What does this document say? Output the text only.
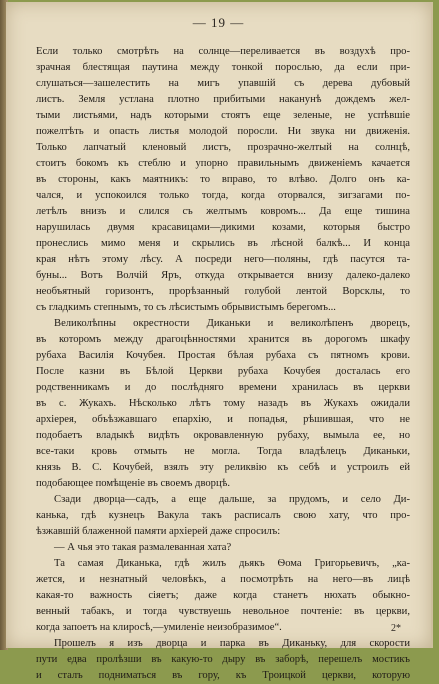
— 19 —
Если только смотрѣть на солнце—переливается въ воздухѣ про-
зрачная блестящая паутина между тонкой порослью, да если при-
слушаться—зашелестить на мигъ упавшій съ дерева дубовый
листъ. Земля устлана плотно прибитыми наканунѣ дождемъ жел-
тыми листьями, надъ которыми стоятъ еще зеленые, не успѣвшіе
пожелтѣть и опасть листья молодой поросли. Ни звука ни движенія.
Только лапчатый кленовый листъ, прозрачно-желтый на солнцѣ,
стоитъ бокомъ къ стеблю и упорно правильнымъ движеніемъ качается
въ стороны, какъ маятникъ: то вправо, то влѣво. Долго онъ ка-
чался, и успокоился только тогда, когда оторвался, зигзагами по-
летѣлъ внизъ и слился съ желтымъ ковромъ... Да еще тишина
нарушилась двумя красавицами—дикими козами, которыя быстро
пронеслись мимо меня и скрылись въ лѣсной балкѣ... И конца
края нѣтъ этому лѣсу. А посреди него—поляны, гдѣ пасутся та-
буны... Вотъ Волчій Яръ, откуда открывается внизу далеко-далеко
необъятный горизонтъ, прорѣзанный голубой лентой Ворсклы, то
съ гладкимъ степнымъ, то съ лѣсистымъ обрывистымъ берегомъ...
Великолѣпны окрестности Диканьки и великолѣпенъ дворецъ,
въ которомъ между драгоцѣнностями хранится въ дорогомъ шкафу
рубаха Василія Кочубея. Простая бѣлая рубаха съ пятномъ крови.
После казни въ Бѣлой Церкви рубаха Кочубея досталась его
родственникамъ и до послѣдняго времени хранилась въ церкви
въ с. Жукахъ. Нѣсколько лѣтъ тому назадъ въ Жукахъ ожидали
архіерея, объѣзжавшаго епархію, и попадья, рѣшившая, что не
подобаетъ владыкѣ видѣть окровавленную рубаху, вымыла ее, но
все-таки кровь отмыть не могла. Тогда владѣлецъ Диканьки,
князь В. С. Кочубей, взялъ эту реликвію къ себѣ и устроилъ ей
подобающее помѣщеніе въ своемъ дворцѣ.
Сзади дворца—садъ, а еще дальше, за прудомъ, и село Ди-
канька, гдѣ кузнецъ Вакула такъ расписалъ свою хату, что про-
ѣзжавшій блаженной памяти архіерей даже спросилъ:
— А чья это такая размалеванная хата?
Та самая Диканька, гдѣ жилъ дьякъ Ѳома Григорьевичъ, „ка-
жется, и незнатный человѣкъ, а посмотрѣть на него—въ лицѣ
какая-то важность сіяетъ; даже когда станетъ нюхать обыкно-
венный табакъ, и тогда чувствуешь невольное почтеніе: въ церкви,
когда запоетъ на клиросѣ,—умиленіе неизобразимое“.
Прошелъ я изъ дворца и парка въ Диканьку, для скорости
пути едва пролѣзши въ какую-то дыру въ заборѣ, перешелъ мостикъ
и сталъ подниматься въ гору, къ Троицкой церкви, которую
2*
